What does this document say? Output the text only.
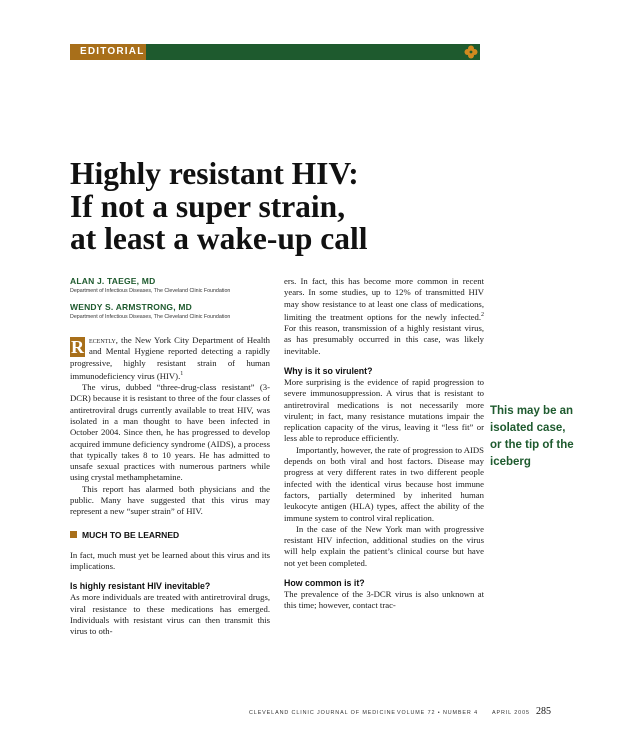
EDITORIAL
Highly resistant HIV:
If not a super strain,
at least a wake-up call

ALAN J. TAEGE, MD

Department of Infectious Diseases, The Cleveland Clinic Foundation

WENDY S. ARMSTRONG, MD

Department of Infectious Diseases, The Cleveland Clinic Foundation

R ecently, the New York City Department of Health and Mental Hygiene reported detecting a rapidly progressive, highly resistant strain of human immunodeficiency virus (HIV).$^1$

The virus, dubbed “three-drug-class resistant” (3-DCR) because it is resistant to three of the four classes of antiretroviral drugs currently available to treat HIV, was isolated in a man thought to have been infected in October 2004. Since then, he has progressed to develop acquired immune deficiency syndrome (AIDS), a process that typically takes 8 to 10 years. He has admitted to unsafe sexual practices with numerous partners while using crystal methamphetamine.

This report has alarmed both physicians and the public. Many have suggested that this virus may represent a new “super strain” of HIV.

MUCH TO BE LEARNED

In fact, much must yet be learned about this virus and its implications.

Is highly resistant HIV inevitable?

As more individuals are treated with antiretroviral drugs, viral resistance to these medications has emerged. Individuals with resistant virus can then transmit this virus to oth-

ers. In fact, this has become more common in recent years. In some studies, up to 12% of transmitted HIV may show resistance to at least one class of medications, limiting the treatment options for the newly infected.$^2$ For this reason, transmission of a highly resistant virus, as has presumably occurred in this case, was likely inevitable.

Why is it so virulent?

More surprising is the evidence of rapid progression to severe immunosuppression. A virus that is resistant to antiretroviral medications is not necessarily more virulent; in fact, many resistance mutations impair the replication capacity of the virus, leaving it “less fit” or less able to reproduce efficiently.

Importantly, however, the rate of progression to AIDS depends on both viral and host factors. Disease may progress at very different rates in two different people infected with the identical virus because host immune factors, partially determined by inherited human leukocyte antigen (HLA) types, affect the ability of the immune system to control viral replication.

In the case of the New York man with progressive resistant HIV infection, additional studies on the virus will help explain the patient’s clinical course but have not yet been completed.

How common is it?

The prevalence of the 3-DCR virus is also unknown at this time; however, contact trac-

This may be an isolated case, or the tip of the iceberg

CLEVELAND CLINIC JOURNAL OF MEDICINE VOLUME 72 • NUMBER 4	APRIL 2005 285
